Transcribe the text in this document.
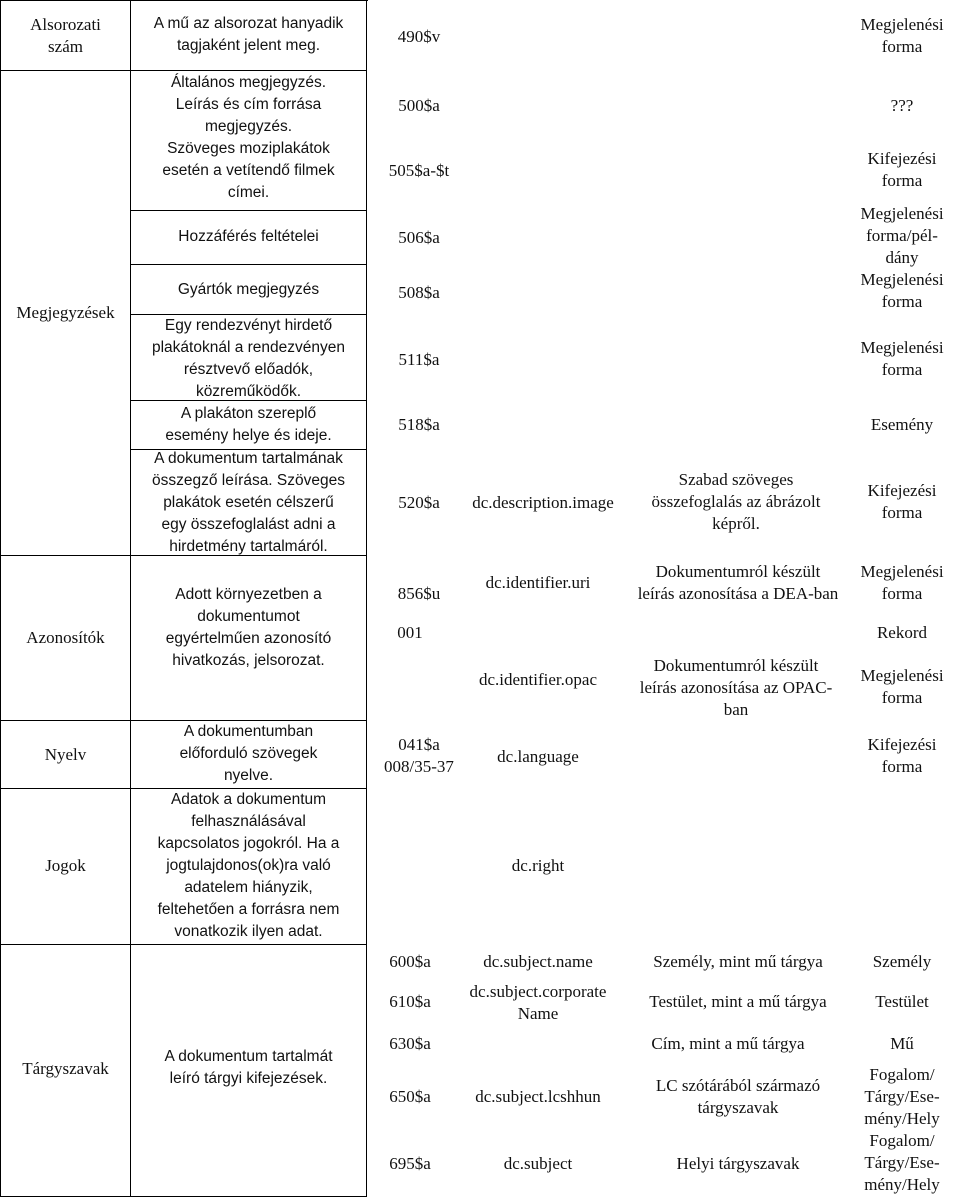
Alsorozati
szám
Megjegyzések
Azonosítók
Nyelv
Jogok
Tárgyszavak
A mű az alsorozat hanyadik
tagjaként jelent meg.
Általános megjegyzés.
Leírás és cím forrása
megjegyzés.
Szöveges moziplakátok
esetén a vetítendő filmek
címei.
Hozzáférés feltételei
Gyártók megjegyzés
Egy rendezvényt hirdető
plakátoknál a rendezvényen
résztvevő előadók,
közreműködők.
A plakáton szereplő
esemény helye és ideje.
A dokumentum tartalmának
összegző leírása. Szöveges
plakátok esetén célszerű
egy összefoglalást adni a
hirdetmény tartalmáról.
Adott környezetben a
dokumentumot
egyértelműen azonosító
hivatkozás, jelsorozat.
A dokumentumban
előforduló szövegek
nyelve.
Adatok a dokumentum
felhasználásával
kapcsolatos jogokról. Ha a
jogtulajdonos(ok)ra való
adatelem hiányzik,
feltehetően a forrásra nem
vonatkozik ilyen adat.
A dokumentum tartalmát
leíró tárgyi kifejezések.
490$v
500$a
505$a-$t
506$a
508$a
511$a
518$a
520$a
856$u
001
041$a
008/35-37
600$a
610$a
630$a
650$a
695$a
dc.description.image
dc.identifier.uri
dc.identifier.opac
dc.language
dc.right
dc.subject.name
dc.subject.corporate
Name
dc.subject.lcshhun
dc.subject
Szabad szöveges
összefoglalás az ábrázolt
képről.
Dokumentumról készült
leírás azonosítása a DEA-ban
Dokumentumról készült
leírás azonosítása az OPAC-
ban
Személy, mint mű tárgya
Testület, mint a mű tárgya
Cím, mint a mű tárgya
LC szótárából származó
tárgyszavak
Helyi tárgyszavak
Megjelenési
forma
???
Kifejezési
forma
Megjelenési
forma/pél-
dány
Megjelenési
forma
Megjelenési
forma
Esemény
Kifejezési
forma
Megjelenési
forma
Rekord
Megjelenési
forma
Kifejezési
forma
Személy
Testület
Mű
Fogalom/
Tárgy/Ese-
mény/Hely
Fogalom/
Tárgy/Ese-
mény/Hely
